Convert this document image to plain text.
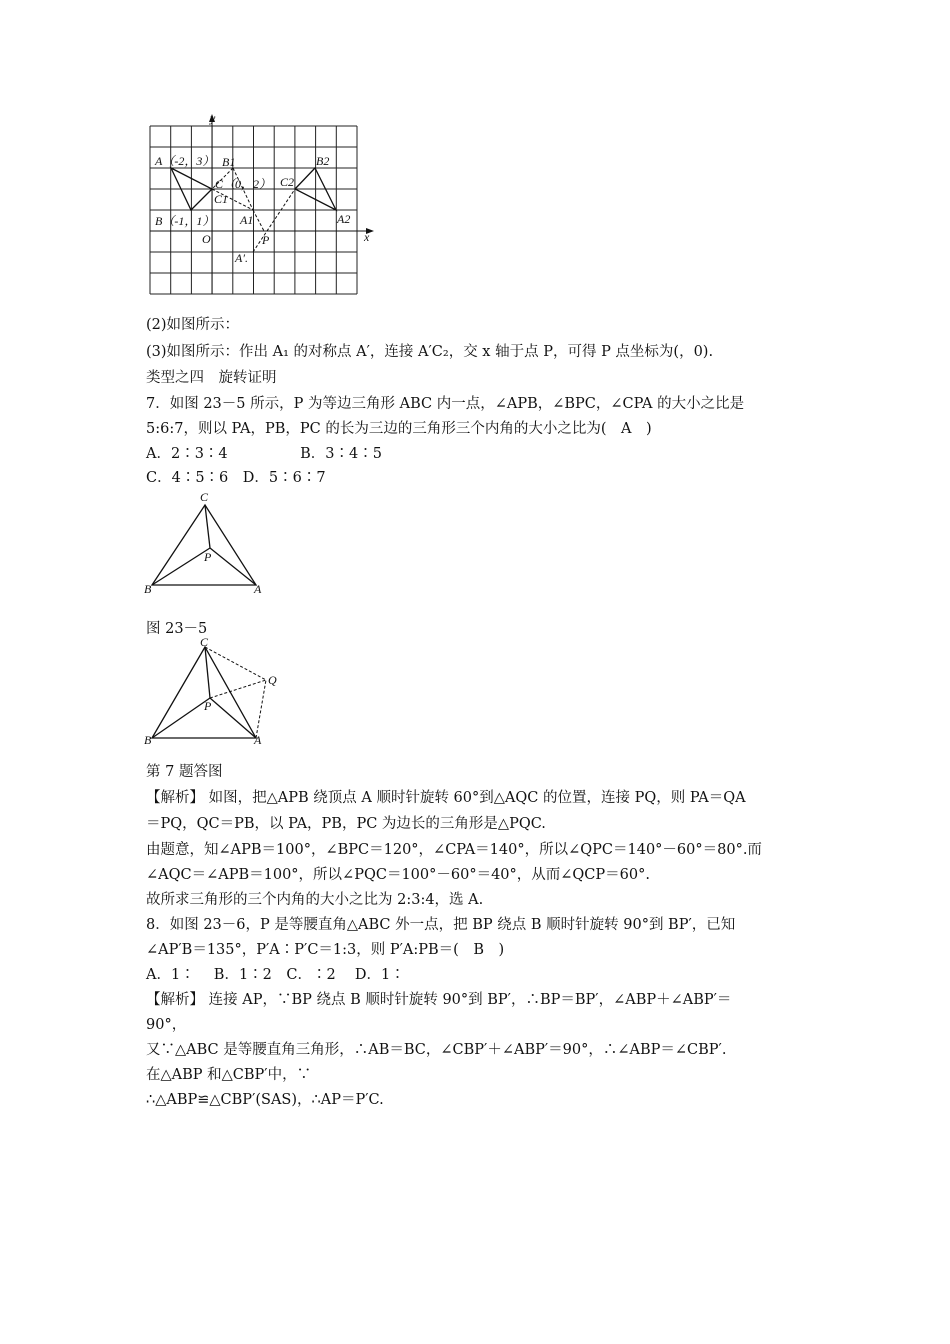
y
x
A（-2，3）
B（-1，1）
O
C（0，2）
C1
B1
A1
B2
C2
A2
P
A′.
C
B	A
P
图 23－5
C
B	A
P
Q
第 7 题答图
(2)如图所示：
(3)如图所示：作出 A₁ 的对称点 A′，连接 A′C₂，交 x 轴于点 P，可得 P 点坐标为(，0).
类型之四　旋转证明
7．如图 23－5 所示，P 为等边三角形 ABC 内一点，∠APB，∠BPC，∠CPA 的大小之比是
5:6:7，则以 PA，PB，PC 的长为三边的三角形三个内角的大小之比为(　A　)
A．2∶3∶4　　　　　B．3∶4∶5
C．4∶5∶6　D．5∶6∶7
【解析】 如图，把△APB 绕顶点 A 顺时针旋转 60°到△AQC 的位置，连接 PQ，则 PA＝QA
＝PQ，QC＝PB，以 PA，PB，PC 为边长的三角形是△PQC.
由题意，知∠APB＝100°，∠BPC＝120°，∠CPA＝140°，所以∠QPC＝140°－60°＝80°.而
∠AQC＝∠APB＝100°，所以∠PQC＝100°－60°＝40°，从而∠QCP＝60°.
故所求三角形的三个内角的大小之比为 2:3:4，选 A.
8．如图 23－6，P 是等腰直角△ABC 外一点，把 BP 绕点 B 顺时针旋转 90°到 BP′，已知
∠AP′B＝135°，P′A∶P′C＝1:3，则 P′A:PB＝(　B　)
A．1∶　 B．1∶2　C．∶2　 D．1∶
【解析】 连接 AP，∵BP 绕点 B 顺时针旋转 90°到 BP′，∴BP＝BP′，∠ABP＋∠ABP′＝
90°，
又∵△ABC 是等腰直角三角形，∴AB＝BC，∠CBP′＋∠ABP′＝90°，∴∠ABP＝∠CBP′.
在△ABP 和△CBP′中，∵
∴△ABP≌△CBP′(SAS)，∴AP＝P′C.
